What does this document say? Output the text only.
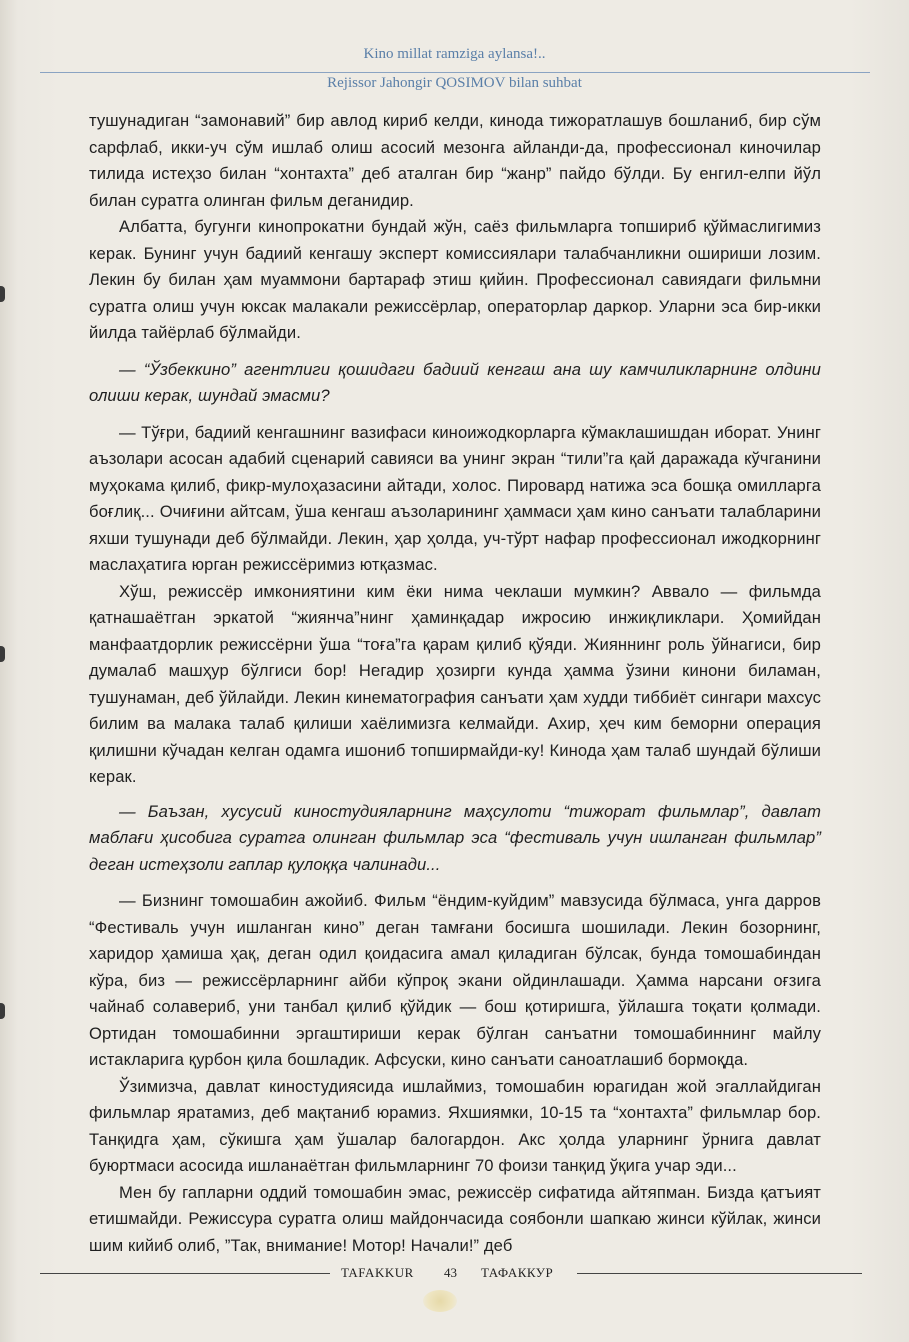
Kino millat ramziga aylansa!..
Rejissor Jahongir QOSIMOV bilan suhbat

тушунадиган “замонавий” бир авлод кириб келди, кинода тижоратлашув бошланиб, бир сўм сарфлаб, икки-уч сўм ишлаб олиш асосий мезонга айланди-да, профессионал киночилар тилида истеҳзо билан “хонтахта” деб аталган бир “жанр” пайдо бўлди. Бу енгил-елпи йўл билан суратга олинган фильм деганидир.

Албатта, бугунги кинопрокатни бундай жўн, саёз фильмларга топшириб қўймаслигимиз керак. Бунинг учун бадиий кенгашу эксперт комиссиялари талабчанликни ошириши лозим. Лекин бу билан ҳам муаммони бартараф этиш қийин. Профессионал савиядаги фильмни суратга олиш учун юксак малакали режиссёрлар, операторлар даркор. Уларни эса бир-икки йилда тайёрлаб бўлмайди.

— “Ўзбеккино” агентлиги қошидаги бадиий кенгаш ана шу камчиликларнинг олдини олиши керак, шундай эмасми?

— Тўғри, бадиий кенгашнинг вазифаси киноижодкорларга кўмаклашишдан иборат. Унинг аъзолари асосан адабий сценарий савияси ва унинг экран “тили”га қай даражада кўчганини муҳокама қилиб, фикр-мулоҳазасини айтади, холос. Пировард натижа эса бошқа омилларга боғлиқ... Очиғини айтсам, ўша кенгаш аъзоларининг ҳаммаси ҳам кино санъати талабларини яхши тушунади деб бўлмайди. Лекин, ҳар ҳолда, уч-тўрт нафар профессионал ижодкорнинг маслаҳатига юрган режиссёримиз ютқазмас.

Хўш, режиссёр имкониятини ким ёки нима чеклаши мумкин? Аввало — фильмда қатнашаётган эркатой “жиянча”нинг ҳаминқадар ижросию инжиқликлари. Ҳомийдан манфаатдорлик режиссёрни ўша “тоға”га қарам қилиб қўяди. Жияннинг роль ўйнагиси, бир думалаб машҳур бўлгиси бор! Негадир ҳозирги кунда ҳамма ўзини кинони биламан, тушунаман, деб ўйлайди. Лекин кинематография санъати ҳам худди тиббиёт сингари махсус билим ва малака талаб қилиши хаёлимизга келмайди. Ахир, ҳеч ким беморни операция қилишни кўчадан келган одамга ишониб топширмайди-ку! Кинода ҳам талаб шундай бўлиши керак.

— Баъзан, хусусий киностудияларнинг маҳсулоти “тижорат фильмлар”, давлат маблағи ҳисобига суратга олинган фильмлар эса “фестиваль учун ишланган фильмлар” деган истеҳзоли гаплар қулоққа чалинади...

— Бизнинг томошабин ажойиб. Фильм “ёндим-куйдим” мавзусида бўлмаса, унга дарров “Фестиваль учун ишланган кино” деган тамғани босишга шошилади. Лекин бозорнинг, харидор ҳамиша ҳақ, деган одил қоидасига амал қиладиган бўлсак, бунда томошабиндан кўра, биз — режиссёрларнинг айби кўпроқ экани ойдинлашади. Ҳамма нарсани оғзига чайнаб солавериб, уни танбал қилиб қўйдик — бош қотиришга, ўйлашга тоқати қолмади. Ортидан томошабинни эргаштириши керак бўлган санъатни томошабиннинг майлу истакларига қурбон қила бошладик. Афсуски, кино санъати саноатлашиб бормоқда.

Ўзимизча, давлат киностудиясида ишлаймиз, томошабин юрагидан жой эгаллайдиган фильмлар яратамиз, деб мақтаниб юрамиз. Яхшиямки, 10-15 та “хонтахта” фильмлар бор. Танқидга ҳам, сўкишга ҳам ўшалар балогардон. Акс ҳолда уларнинг ўрнига давлат буюртмаси асосида ишланаётган фильмларнинг 70 фоизи танқид ўқига учар эди...

Мен бу гапларни оддий томошабин эмас, режиссёр сифатида айтяпман. Бизда қатъият етишмайди. Режиссура суратга олиш майдончасида соябонли шапкаю жинси кўйлак, жинси шим кийиб олиб, ”Так, внимание! Мотор! Начали!” деб

TAFAKKUR 43 ТАФАККУР
